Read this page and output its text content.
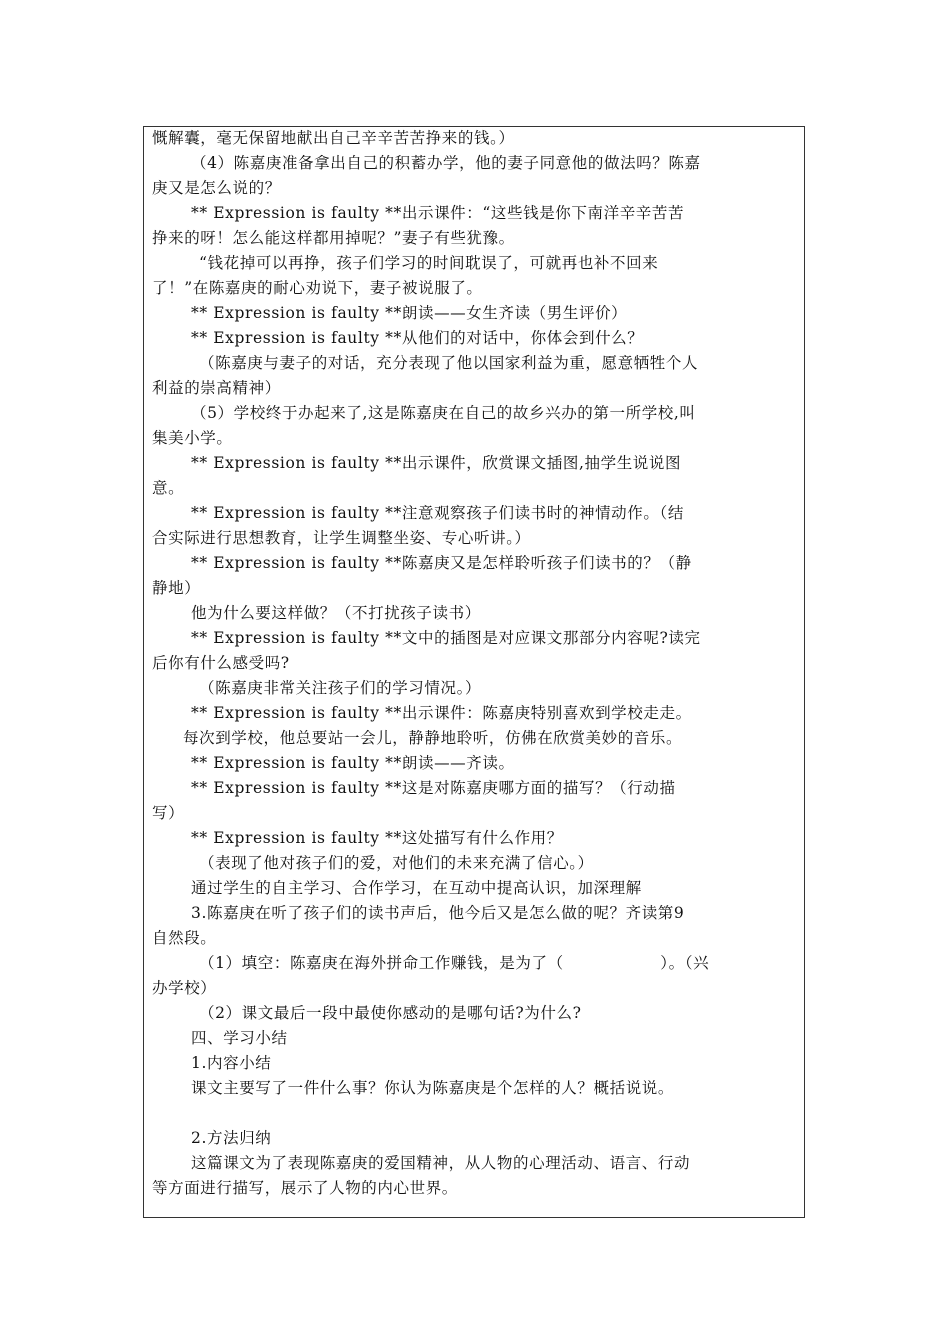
慨解囊，毫无保留地献出自己辛辛苦苦挣来的钱。）
（4）陈嘉庚准备拿出自己的积蓄办学，他的妻子同意他的做法吗？陈嘉
庚又是怎么说的？
** Expression is faulty **出示课件：“这些钱是你下南洋辛辛苦苦
挣来的呀！怎么能这样都用掉呢？”妻子有些犹豫。
“钱花掉可以再挣，孩子们学习的时间耽误了，可就再也补不回来
了！”在陈嘉庚的耐心劝说下，妻子被说服了。
** Expression is faulty **朗读——女生齐读（男生评价）
** Expression is faulty **从他们的对话中，你体会到什么？
（陈嘉庚与妻子的对话，充分表现了他以国家利益为重，愿意牺牲个人
利益的崇高精神）
（5）学校终于办起来了,这是陈嘉庚在自己的故乡兴办的第一所学校,叫
集美小学。
** Expression is faulty **出示课件，欣赏课文插图,抽学生说说图
意。
** Expression is faulty **注意观察孩子们读书时的神情动作。（结
合实际进行思想教育，让学生调整坐姿、专心听讲。）
** Expression is faulty **陈嘉庚又是怎样聆听孩子们读书的？（静
静地）
他为什么要这样做？（不打扰孩子读书）
** Expression is faulty **文中的插图是对应课文那部分内容呢?读完
后你有什么感受吗?
（陈嘉庚非常关注孩子们的学习情况。）
** Expression is faulty **出示课件：陈嘉庚特别喜欢到学校走走。
每次到学校，他总要站一会儿，静静地聆听，仿佛在欣赏美妙的音乐。
** Expression is faulty **朗读——齐读。
** Expression is faulty **这是对陈嘉庚哪方面的描写？（行动描
写）
** Expression is faulty **这处描写有什么作用？
（表现了他对孩子们的爱，对他们的未来充满了信心。）
通过学生的自主学习、合作学习，在互动中提高认识，加深理解
3.陈嘉庚在听了孩子们的读书声后，他今后又是怎么做的呢？齐读第9
自然段。
（1）填空：陈嘉庚在海外拼命工作赚钱，是为了（　　　　　　）。（兴
办学校）
（2）课文最后一段中最使你感动的是哪句话?为什么?
四、学习小结
1.内容小结
课文主要写了一件什么事？你认为陈嘉庚是个怎样的人？概括说说。
2.方法归纳
这篇课文为了表现陈嘉庚的爱国精神，从人物的心理活动、语言、行动
等方面进行描写，展示了人物的内心世界。
